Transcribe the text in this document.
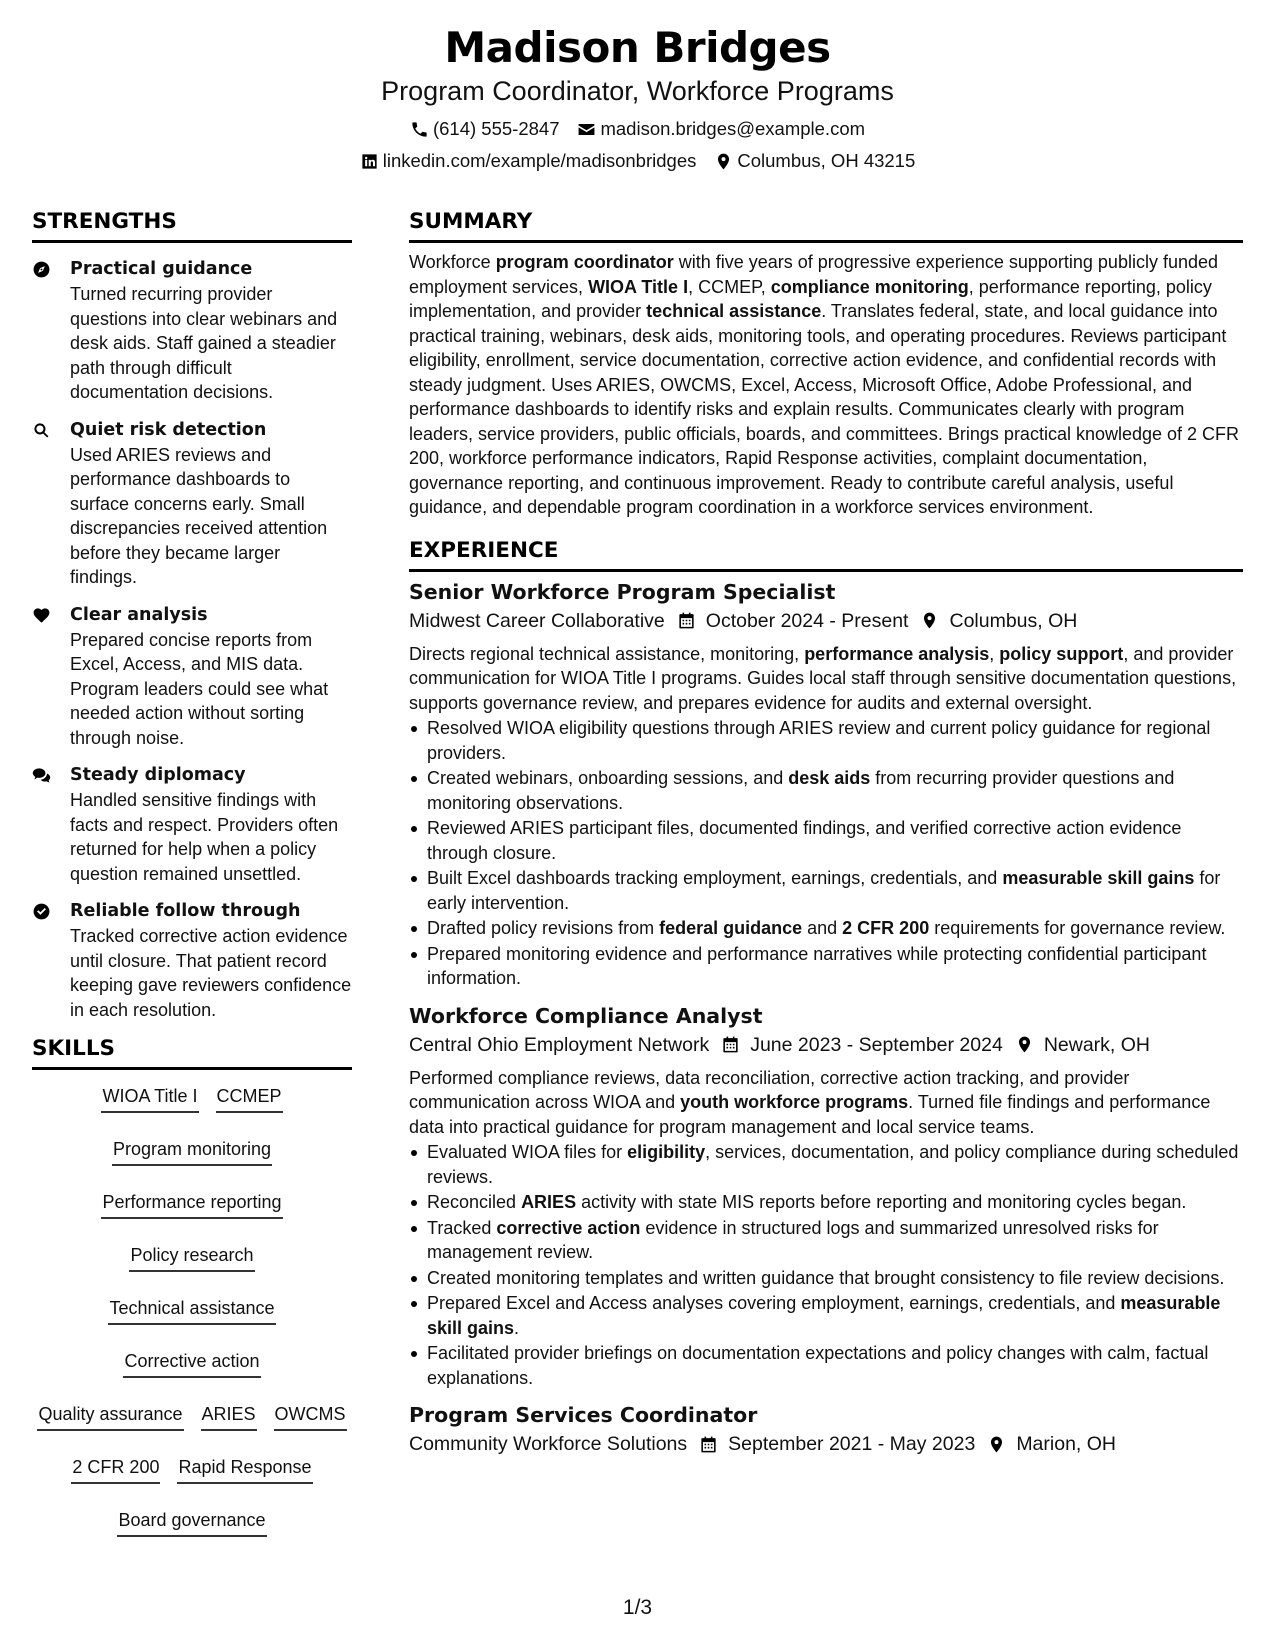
Madison Bridges
Program Coordinator, Workforce Programs
(614) 555-2847 madison.bridges@example.com
linkedin.com/example/madisonbridges Columbus, OH 43215
STRENGTHS
Practical guidance
Turned recurring provider questions into clear webinars and desk aids. Staff gained a steadier path through difficult documentation decisions.
Quiet risk detection
Used ARIES reviews and performance dashboards to surface concerns early. Small discrepancies received attention before they became larger findings.
Clear analysis
Prepared concise reports from Excel, Access, and MIS data. Program leaders could see what needed action without sorting through noise.
Steady diplomacy
Handled sensitive findings with facts and respect. Providers often returned for help when a policy question remained unsettled.
Reliable follow through
Tracked corrective action evidence until closure. That patient record keeping gave reviewers confidence in each resolution.
SKILLS
WIOA Title I CCMEP
Program monitoring
Performance reporting
Policy research
Technical assistance
Corrective action
Quality assurance ARIES OWCMS
2 CFR 200 Rapid Response
Board governance
SUMMARY
Workforce program coordinator with five years of progressive experience supporting publicly funded employment services, WIOA Title I, CCMEP, compliance monitoring, performance reporting, policy implementation, and provider technical assistance. Translates federal, state, and local guidance into practical training, webinars, desk aids, monitoring tools, and operating procedures. Reviews participant eligibility, enrollment, service documentation, corrective action evidence, and confidential records with steady judgment. Uses ARIES, OWCMS, Excel, Access, Microsoft Office, Adobe Professional, and performance dashboards to identify risks and explain results. Communicates clearly with program leaders, service providers, public officials, boards, and committees. Brings practical knowledge of 2 CFR 200, workforce performance indicators, Rapid Response activities, complaint documentation, governance reporting, and continuous improvement. Ready to contribute careful analysis, useful guidance, and dependable program coordination in a workforce services environment.
EXPERIENCE
Senior Workforce Program Specialist
Midwest Career Collaborative October 2024 - Present Columbus, OH
Directs regional technical assistance, monitoring, performance analysis, policy support, and provider communication for WIOA Title I programs. Guides local staff through sensitive documentation questions, supports governance review, and prepares evidence for audits and external oversight.
Resolved WIOA eligibility questions through ARIES review and current policy guidance for regional providers.
Created webinars, onboarding sessions, and desk aids from recurring provider questions and monitoring observations.
Reviewed ARIES participant files, documented findings, and verified corrective action evidence through closure.
Built Excel dashboards tracking employment, earnings, credentials, and measurable skill gains for early intervention.
Drafted policy revisions from federal guidance and 2 CFR 200 requirements for governance review.
Prepared monitoring evidence and performance narratives while protecting confidential participant information.
Workforce Compliance Analyst
Central Ohio Employment Network June 2023 - September 2024 Newark, OH
Performed compliance reviews, data reconciliation, corrective action tracking, and provider communication across WIOA and youth workforce programs. Turned file findings and performance data into practical guidance for program management and local service teams.
Evaluated WIOA files for eligibility, services, documentation, and policy compliance during scheduled reviews.
Reconciled ARIES activity with state MIS reports before reporting and monitoring cycles began.
Tracked corrective action evidence in structured logs and summarized unresolved risks for management review.
Created monitoring templates and written guidance that brought consistency to file review decisions.
Prepared Excel and Access analyses covering employment, earnings, credentials, and measurable skill gains.
Facilitated provider briefings on documentation expectations and policy changes with calm, factual explanations.
Program Services Coordinator
Community Workforce Solutions September 2021 - May 2023 Marion, OH
1/3
